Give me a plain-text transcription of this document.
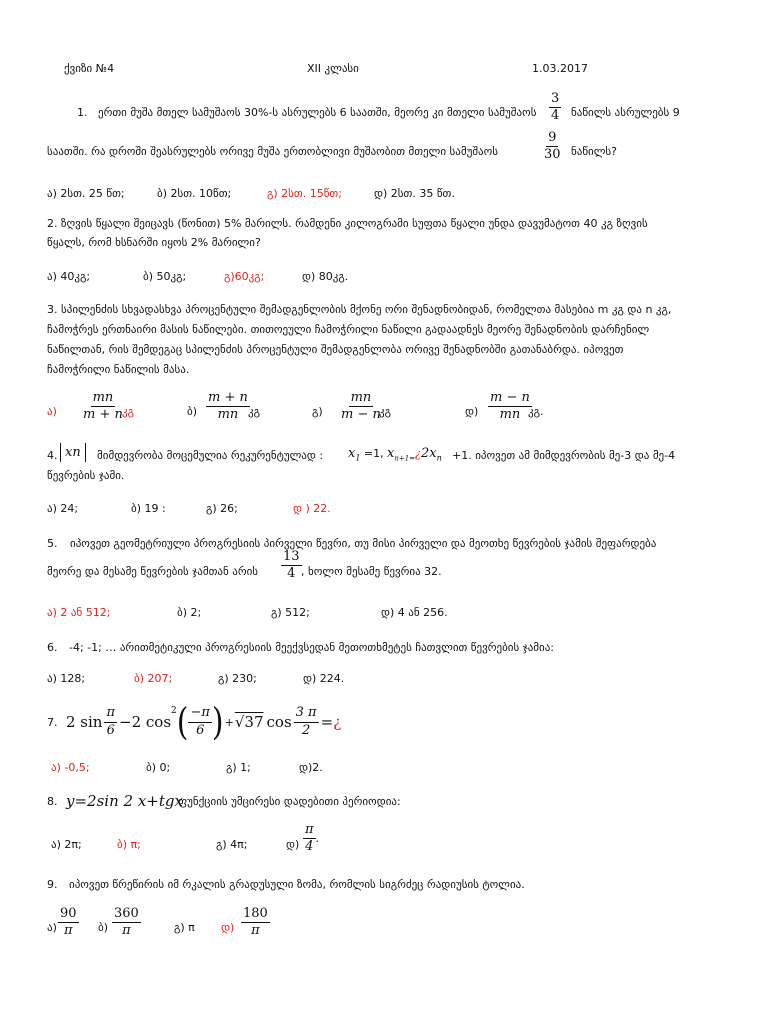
ქვიზი №4	XII კლასი	1.03.2017
1. ერთი მუშა მთელ სამუშაოს 30%-ს ასრულებს 6 საათში, მეორე კი მთელი სამუშაოს $\frac{3}{4}$ ნაწილს ასრულებს 9
საათში. რა დროში შეასრულებს ორივე მუშა ერთობლივი მუშაობით მთელი სამუშაოს	$\frac{9}{30}$ ნაწილს?
ა) 2სთ. 25 წთ;	ბ) 2სთ. 10წთ;	გ) 2სთ. 15წთ;	დ) 2სთ. 35 წთ.
2. ზღვის წყალი შეიცავს (წონით) 5% მარილს. რამდენი კილოგრამი სუფთა წყალი უნდა დავუმატოთ 40 კგ ზღვის
წყალს, რომ ხსნარში იყოს 2% მარილი?
ა) 40კგ;	ბ) 50კგ;	გ)60კგ;	დ) 80კგ.
3. სპილენძის სხვადასხვა პროცენტული შემადგენლობის მქონე ორი შენადნობიდან, რომელთა მასებია m კგ და n კგ,
ჩამოჭრეს ერთნაირი მასის ნაწილები. თითოეული ჩამოჭრილი ნაწილი გადაადნეს მეორე შენადნობის დარჩენილ
ნაწილთან, რის შემდეგაც სპილენძის პროცენტული შემადგენლობა ორივე შენადნობში გათანაბრდა. იპოვეთ
ჩამოჭრილი ნაწილის მასა.
ა) $\frac{mn}{m + n}$
კგ	ბ) $\frac{m + n}{mn}$
კგ	გ) $\frac{mn}{m - n}$
კგ	დ) $\frac{m - n}{mn}$
კგ.
4. xn	მიმდევრობა მოცემულია რეკურენტულად : $x_1 =1$, $x_{n+1=}¿2x_n +1$. იპოვეთ ამ მიმდევრობის მე-3 და მე-4
წევრების ჯამი.
ა) 24;	ბ) 19 :	გ) 26;	დ ) 22.
5. იპოვეთ გეომეტრიული პროგრესიის პირველი წევრი, თუ მისი პირველი და მეოთხე წევრების ჯამის შეფარდება
მეორე და მესამე წევრების ჯამთან არის $\frac{13}{4}$ , ხოლო მესამე წევრია 32.
ა) 2 ან 512;	ბ) 2;	გ) 512;	დ) 4 ან 256.
6. -4; -1; … არითმეტიკული პროგრესიის მეექვსედან მეთოთხმეტეს ჩათვლით წევრების ჯამია:
ა) 128;	ბ) 207;	გ) 230;	დ) 224.
7. 2 $\sin \frac{\pi}{6} -2$ cos
$^2$ ( $\frac{-\pi}{6}$ ) + √37 $\cos \frac{3 \pi}{2}$ = ¿
ა) -0,5;	ბ) 0;	გ) 1;	დ)2.
8. y=2sin 2 x+tgx
ფუნქციის უმცირესი დადებითი პერიოდია:
ა) 2π;	ბ) π;	გ) 4π;	დ) $\frac{\pi}{4}$ .
9. იპოვეთ წრეწირის იმ რკალის გრადუსული ზომა, რომლის სიგრძეც რადიუსის ტოლია.
ა) $\frac{90}{\pi}$ ბ) $\frac{360}{\pi}$	გ) π დ) $\frac{180}{\pi}$
